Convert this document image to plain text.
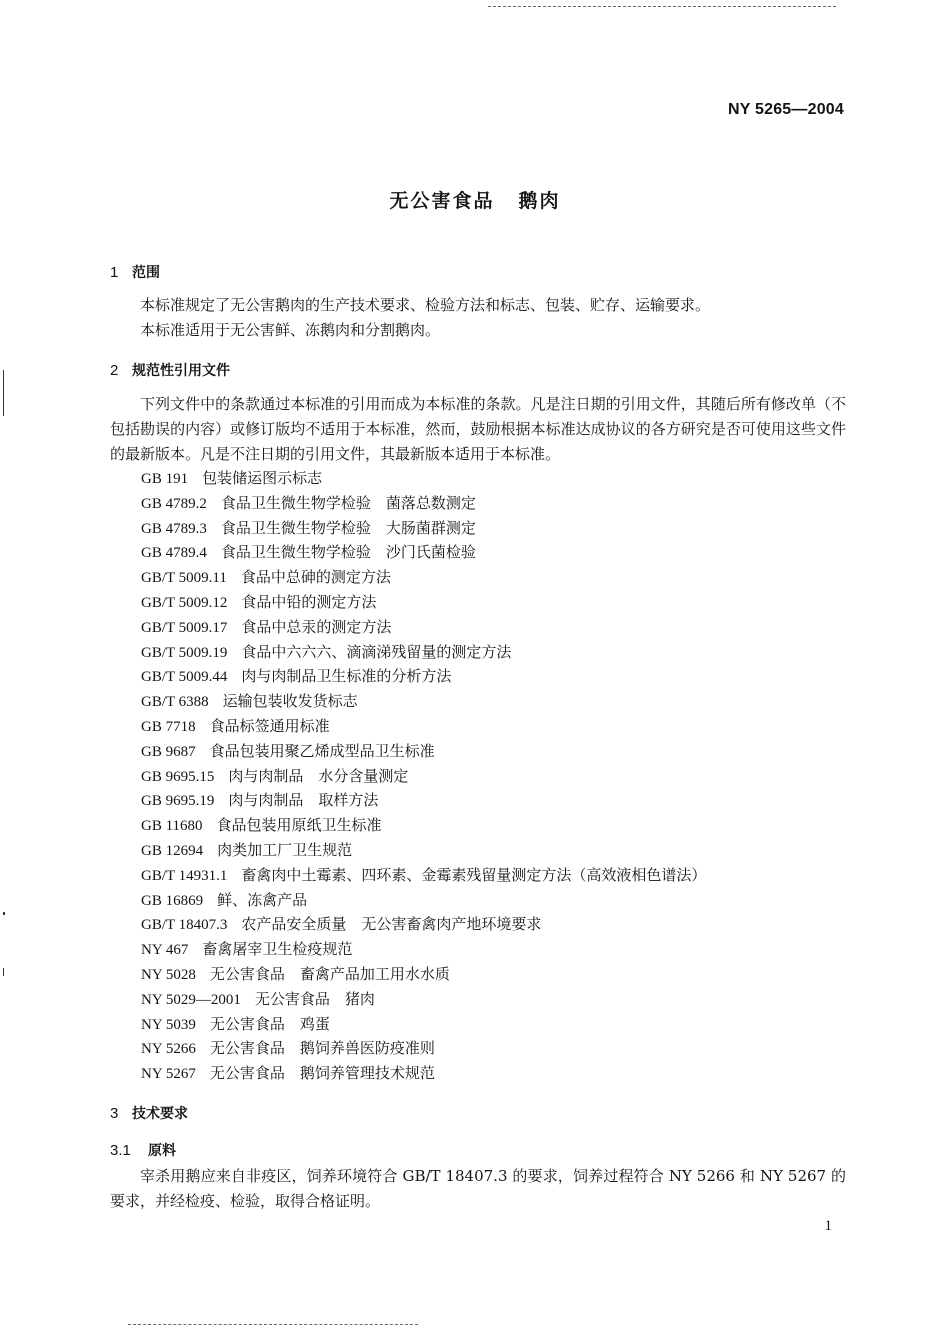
NY 5265—2004
无公害食品 鹅肉
1 范围

本标准规定了无公害鹅肉的生产技术要求、检验方法和标志、包装、贮存、运输要求。

本标准适用于无公害鲜、冻鹅肉和分割鹅肉。

2 规范性引用文件

下列文件中的条款通过本标准的引用而成为本标准的条款。凡是注日期的引用文件，其随后所有修改单（不包括勘误的内容）或修订版均不适用于本标准，然而，鼓励根据本标准达成协议的各方研究是否可使用这些文件的最新版本。凡是不注日期的引用文件，其最新版本适用于本标准。

GB 191 包装储运图示标志
GB 4789.2 食品卫生微生物学检验　菌落总数测定
GB 4789.3 食品卫生微生物学检验　大肠菌群测定
GB 4789.4 食品卫生微生物学检验　沙门氏菌检验
GB/T 5009.11 食品中总砷的测定方法
GB/T 5009.12 食品中铅的测定方法
GB/T 5009.17 食品中总汞的测定方法
GB/T 5009.19 食品中六六六、滴滴涕残留量的测定方法
GB/T 5009.44 肉与肉制品卫生标准的分析方法
GB/T 6388 运输包装收发货标志
GB 7718 食品标签通用标准
GB 9687 食品包装用聚乙烯成型品卫生标准
GB 9695.15 肉与肉制品　水分含量测定
GB 9695.19 肉与肉制品　取样方法
GB 11680 食品包装用原纸卫生标准
GB 12694 肉类加工厂卫生规范
GB/T 14931.1 畜禽肉中土霉素、四环素、金霉素残留量测定方法（高效液相色谱法）
GB 16869 鲜、冻禽产品
GB/T 18407.3 农产品安全质量　无公害畜禽肉产地环境要求
NY 467 畜禽屠宰卫生检疫规范
NY 5028 无公害食品　畜禽产品加工用水水质
NY 5029—2001 无公害食品　猪肉
NY 5039 无公害食品　鸡蛋
NY 5266 无公害食品　鹅饲养兽医防疫准则
NY 5267 无公害食品　鹅饲养管理技术规范
3 技术要求
3.1 原料

宰杀用鹅应来自非疫区，饲养环境符合 GB/T 18407.3 的要求，饲养过程符合 NY 5266 和 NY 5267 的要求，并经检疫、检验，取得合格证明。

1
